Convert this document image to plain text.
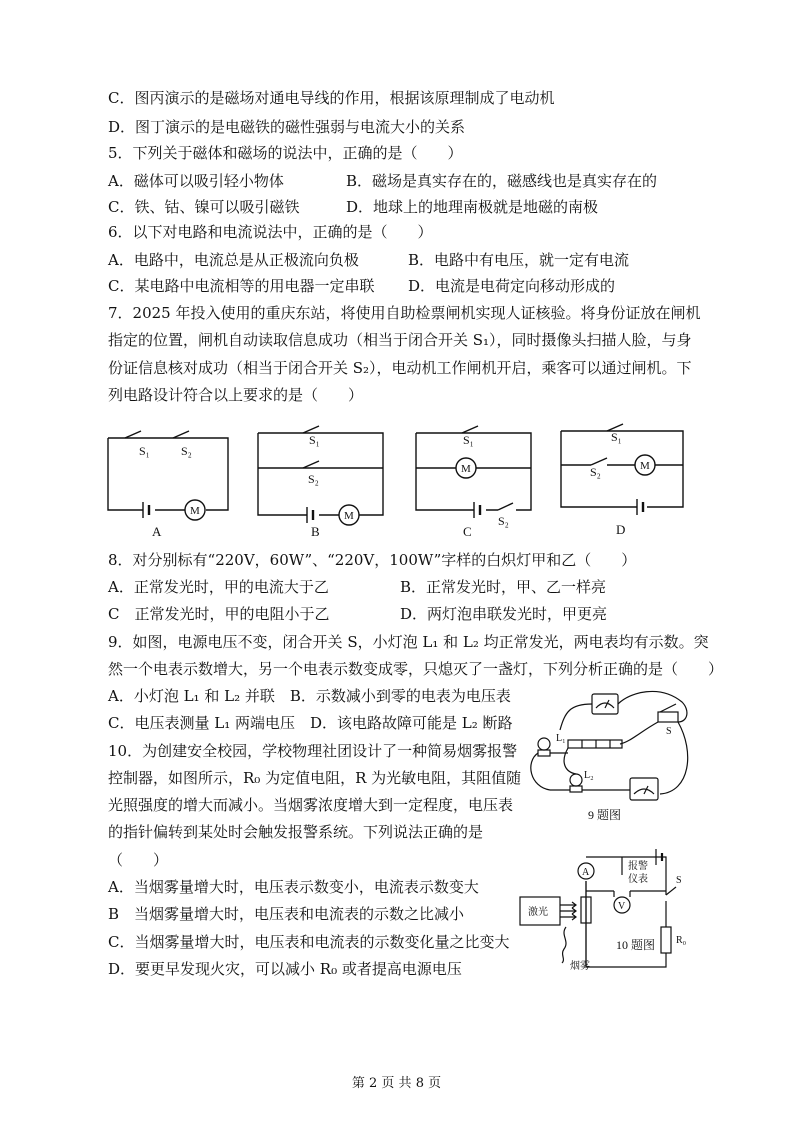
C．图丙演示的是磁场对通电导线的作用，根据该原理制成了电动机
D．图丁演示的是电磁铁的磁性强弱与电流大小的关系
5．下列关于磁体和磁场的说法中，正确的是（　　）
A．磁体可以吸引轻小物体	B．磁场是真实存在的，磁感线也是真实存在的
C．铁、钴、镍可以吸引磁铁	D．地球上的地理南极就是地磁的南极
6．以下对电路和电流说法中，正确的是（　　）
A．电路中，电流总是从正极流向负极	B．电路中有电压，就一定有电流
C．某电路中电流相等的用电器一定串联 D．电流是电荷定向移动形成的
7．2025 年投入使用的重庆东站，将使用自助检票闸机实现人证核验。将身份证放在闸机
指定的位置，闸机自动读取信息成功（相当于闭合开关 S₁），同时摄像头扫描人脸，与身
份证信息核对成功（相当于闭合开关 S₂），电动机工作闸机开启，乘客可以通过闸机。下
列电路设计符合以上要求的是（　　）
S₁	S₂
M
A
S₁
S₂
M
B
S₁
M
S₂
C
S₁
S₂	M
D
8．对分别标有“220V，60W”、“220V，100W”字样的白炽灯甲和乙（　　）
A．正常发光时，甲的电流大于乙	B．正常发光时，甲、乙一样亮
C　正常发光时，甲的电阻小于乙	D．两灯泡串联发光时，甲更亮
9．如图，电源电压不变，闭合开关 S，小灯泡 L₁ 和 L₂ 均正常发光，两电表均有示数。突
然一个电表示数增大，另一个电表示数变成零，只熄灭了一盏灯，下列分析正确的是（　　）
A．小灯泡 L₁ 和 L₂ 并联　B．示数减小到零的电表为电压表
C．电压表测量 L₁ 两端电压　D．该电路故障可能是 L₂ 断路
10．为创建安全校园，学校物理社团设计了一种简易烟雾报警
控制器，如图所示，R₀ 为定值电阻，R 为光敏电阻，其阻值随
光照强度的增大而减小。当烟雾浓度增大到一定程度，电压表
的指针偏转到某处时会触发报警系统。下列说法正确的是
（　　）
A．当烟雾量增大时，电压表示数变小，电流表示数变大
B　当烟雾量增大时，电压表和电流表的示数之比减小
C．当烟雾量增大时，电压表和电流表的示数变化量之比变大
D．要更早发现火灾，可以减小 R₀ 或者提高电源电压
L₁
L₂
S
9 题图
A
V
报警
仪表	S
R₀
激光
烟雾
10 题图
第 2 页 共 8 页
